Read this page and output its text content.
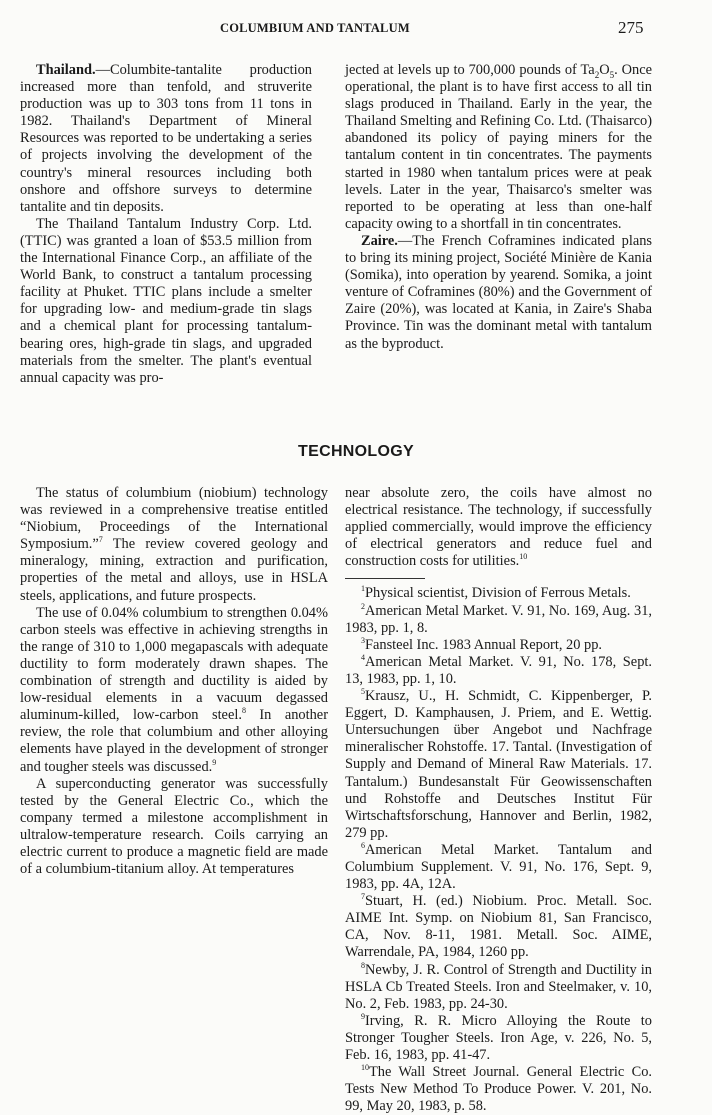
COLUMBIUM AND TANTALUM	275

Thailand.—Columbite-tantalite production increased more than tenfold, and struverite production was up to 303 tons from 11 tons in 1982. Thailand's Department of Mineral Resources was reported to be undertaking a series of projects involving the development of the country's mineral resources including both onshore and offshore surveys to determine tantalite and tin deposits.

The Thailand Tantalum Industry Corp. Ltd. (TTIC) was granted a loan of $53.5 million from the International Finance Corp., an affiliate of the World Bank, to construct a tantalum processing facility at Phuket. TTIC plans include a smelter for upgrading low- and medium-grade tin slags and a chemical plant for processing tantalum-bearing ores, high-grade tin slags, and upgraded materials from the smelter. The plant's eventual annual capacity was pro-

jected at levels up to 700,000 pounds of $Ta_2O_5$. Once operational, the plant is to have first access to all tin slags produced in Thailand. Early in the year, the Thailand Smelting and Refining Co. Ltd. (Thaisarco) abandoned its policy of paying miners for the tantalum content in tin concentrates. The payments started in 1980 when tantalum prices were at peak levels. Later in the year, Thaisarco's smelter was reported to be operating at less than one-half capacity owing to a shortfall in tin concentrates.

Zaire.—The French Coframines indicated plans to bring its mining project, Société Minière de Kania (Somika), into operation by yearend. Somika, a joint venture of Coframines (80%) and the Government of Zaire (20%), was located at Kania, in Zaire's Shaba Province. Tin was the dominant metal with tantalum as the byproduct.

TECHNOLOGY

The status of columbium (niobium) technology was reviewed in a comprehensive treatise entitled “Niobium, Proceedings of the International Symposium.”$^7$ The review covered geology and mineralogy, mining, extraction and purification, properties of the metal and alloys, use in HSLA steels, applications, and future prospects.

The use of 0.04% columbium to strengthen 0.04% carbon steels was effective in achieving strengths in the range of 310 to 1,000 megapascals with adequate ductility to form moderately drawn shapes. The combination of strength and ductility is aided by low-residual elements in a vacuum degassed aluminum-killed, low-carbon steel.$^8$ In another review, the role that columbium and other alloying elements have played in the development of stronger and tougher steels was discussed.$^9$

A superconducting generator was successfully tested by the General Electric Co., which the company termed a milestone accomplishment in ultralow-temperature research. Coils carrying an electric current to produce a magnetic field are made of a columbium-titanium alloy. At temperatures

near absolute zero, the coils have almost no electrical resistance. The technology, if successfully applied commercially, would improve the efficiency of electrical generators and reduce fuel and construction costs for utilities.$^{10}$

$^1$Physical scientist, Division of Ferrous Metals.

$^2$American Metal Market. V. 91, No. 169, Aug. 31, 1983, pp. 1, 8.

$^3$Fansteel Inc. 1983 Annual Report, 20 pp.

$^4$American Metal Market. V. 91, No. 178, Sept. 13, 1983, pp. 1, 10.

$^5$Krausz, U., H. Schmidt, C. Kippenberger, P. Eggert, D. Kamphausen, J. Priem, and E. Wettig. Untersuchungen über Angebot und Nachfrage mineralischer Rohstoffe. 17. Tantal. (Investigation of Supply and Demand of Mineral Raw Materials. 17. Tantalum.) Bundesanstalt Für Geowissenschaften und Rohstoffe and Deutsches Institut Für Wirtschaftsforschung, Hannover and Berlin, 1982, 279 pp.

$^6$American Metal Market. Tantalum and Columbium Supplement. V. 91, No. 176, Sept. 9, 1983, pp. 4A, 12A.

$^7$Stuart, H. (ed.) Niobium. Proc. Metall. Soc. AIME Int. Symp. on Niobium 81, San Francisco, CA, Nov. 8-11, 1981. Metall. Soc. AIME, Warrendale, PA, 1984, 1260 pp.

$^8$Newby, J. R. Control of Strength and Ductility in HSLA Cb Treated Steels. Iron and Steelmaker, v. 10, No. 2, Feb. 1983, pp. 24-30.

$^9$Irving, R. R. Micro Alloying the Route to Stronger Tougher Steels. Iron Age, v. 226, No. 5, Feb. 16, 1983, pp. 41-47.

$^{10}$The Wall Street Journal. General Electric Co. Tests New Method To Produce Power. V. 201, No. 99, May 20, 1983, p. 58.
